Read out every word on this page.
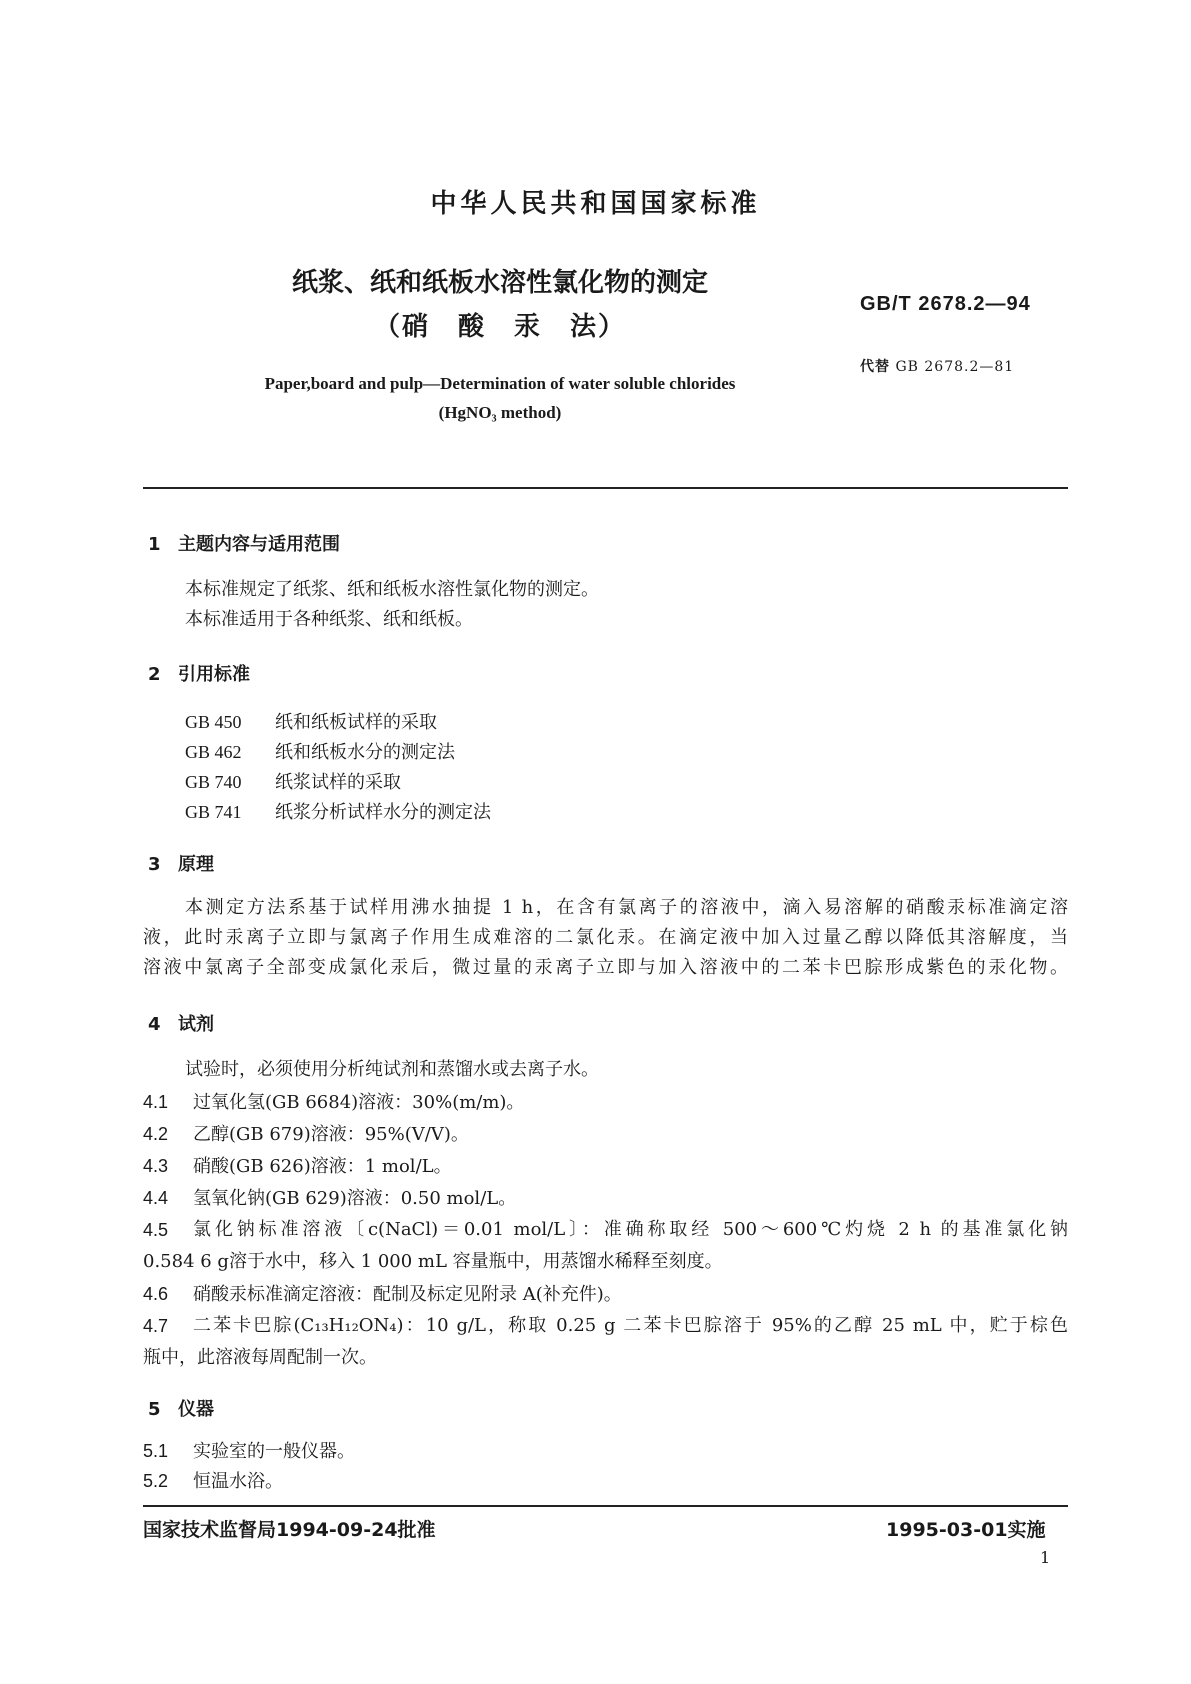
中华人民共和国国家标准
纸浆、纸和纸板水溶性氯化物的测定
（硝　酸　汞　法）
Paper,board and pulp—Determination of water soluble chlorides
(HgNO₃ method)
GB/T 2678.2—94
代替 GB 2678.2—81
1 主题内容与适用范围
本标准规定了纸浆、纸和纸板水溶性氯化物的测定。
本标准适用于各种纸浆、纸和纸板。
2 引用标准
GB 450 纸和纸板试样的采取
GB 462 纸和纸板水分的测定法
GB 740 纸浆试样的采取
GB 741 纸浆分析试样水分的测定法
3 原理
本测定方法系基于试样用沸水抽提 1 h，在含有氯离子的溶液中，滴入易溶解的硝酸汞标准滴定溶
液，此时汞离子立即与氯离子作用生成难溶的二氯化汞。在滴定液中加入过量乙醇以降低其溶解度，当
溶液中氯离子全部变成氯化汞后，微过量的汞离子立即与加入溶液中的二苯卡巴腙形成紫色的汞化物。
4 试剂
试验时，必须使用分析纯试剂和蒸馏水或去离子水。
4.1 过氧化氢(GB 6684)溶液：30%(m/m)。
4.2 乙醇(GB 679)溶液：95%(V/V)。
4.3 硝酸(GB 626)溶液：1 mol/L。
4.4 氢氧化钠(GB 629)溶液：0.50 mol/L。
4.5	氯化钠标准溶液〔c(NaCl)＝0.01 mol/L〕：准确称取经 500～600℃灼烧 2 h 的基准氯化钠
0.584 6 g溶于水中，移入 1 000 mL 容量瓶中，用蒸馏水稀释至刻度。
4.6 硝酸汞标准滴定溶液：配制及标定见附录 A(补充件)。
4.7	二苯卡巴腙(C₁₃H₁₂ON₄)：10 g/L，称取 0.25 g 二苯卡巴腙溶于 95%的乙醇 25 mL 中，贮于棕色
瓶中，此溶液每周配制一次。
5 仪器
5.1 实验室的一般仪器。
5.2 恒温水浴。
国家技术监督局1994-09-24批准	1995-03-01实施
1
